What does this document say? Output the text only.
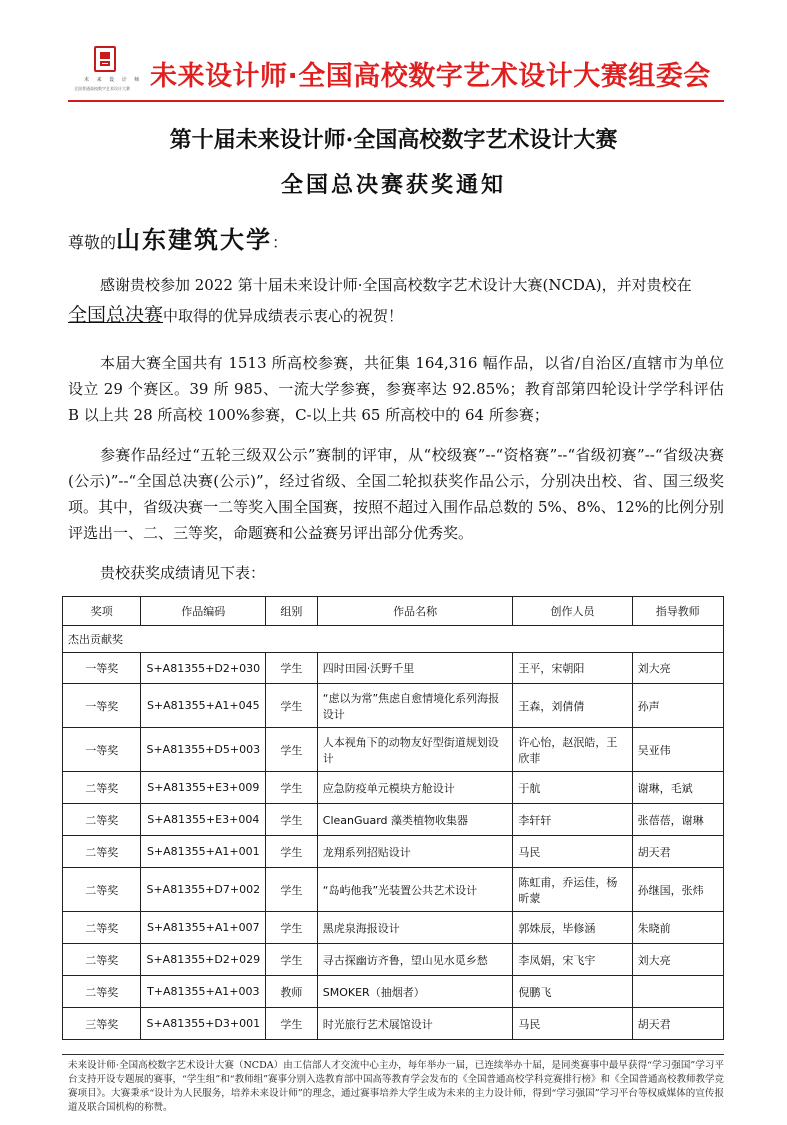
未 来 设 计 师
全国普通高校数字艺术设计大赛 未来设计师·全国高校数字艺术设计大赛组委会
第十届未来设计师·全国高校数字艺术设计大赛
全国总决赛获奖通知
尊敬的山东建筑大学：
感谢贵校参加 2022 第十届未来设计师·全国高校数字艺术设计大赛(NCDA)，并对贵校在
全国总决赛中取得的优异成绩表示衷心的祝贺！
本届大赛全国共有 1513 所高校参赛，共征集 164,316 幅作品，以省/自治区/直辖市为单位设立 29 个赛区。39 所 985、一流大学参赛，参赛率达 92.85%；教育部第四轮设计学学科评估 B 以上共 28 所高校 100%参赛，C-以上共 65 所高校中的 64 所参赛；
参赛作品经过“五轮三级双公示”赛制的评审，从“校级赛”--“资格赛”--“省级初赛”--“省级决赛(公示)”--“全国总决赛(公示)”，经过省级、全国二轮拟获奖作品公示，分别决出校、省、国三级奖项。其中，省级决赛一二等奖入围全国赛，按照不超过入围作品总数的 5%、8%、12%的比例分别评选出一、二、三等奖，命题赛和公益赛另评出部分优秀奖。
贵校获奖成绩请见下表：
奖项	作品编码	组别	作品名称	创作人员	指导教师
杰出贡献奖					
一等奖	S+A81355+D2+030	学生	四时田园·沃野千里	王平，宋朝阳	刘大亮
一等奖	S+A81355+A1+045	学生	“虑以为常”焦虑自愈情境化系列海报设计	王森，刘倩倩	孙声
一等奖	S+A81355+D5+003	学生	人本视角下的动物友好型街道规划设计	许心怡，赵泯皓，王欣菲	吴亚伟
二等奖	S+A81355+E3+009	学生	应急防疫单元模块方舱设计	于航	谢琳，毛斌
二等奖	S+A81355+E3+004	学生	CleanGuard 藻类植物收集器	李轩轩	张蓓蓓，谢琳
二等奖	S+A81355+A1+001	学生	龙翔系列招贴设计	马民	胡天君
二等奖	S+A81355+D7+002	学生	“岛屿他我”光装置公共艺术设计	陈虹甫，乔运佳，杨昕蒙	孙继国，张炜
二等奖	S+A81355+A1+007	学生	黑虎泉海报设计	郭姝辰，毕修涵	朱晓前
二等奖	S+A81355+D2+029	学生	寻古探幽访齐鲁，望山见水觅乡愁	李凤娟，宋飞宇	刘大亮
二等奖	T+A81355+A1+003	教师	SMOKER（抽烟者）	倪鹏飞	
三等奖	S+A81355+D3+001	学生	时光旅行艺术展馆设计	马民	胡天君
未来设计师·全国高校数字艺术设计大赛（NCDA）由工信部人才交流中心主办，每年举办一届，已连续举办十届，是同类赛事中最早获得“学习强国”学习平台支持开设专题展的赛事，“学生组”和“教师组”赛事分别入选教育部中国高等教育学会发布的《全国普通高校学科竞赛排行榜》和《全国普通高校教师教学竞赛项目》。大赛秉承“设计为人民服务，培养未来设计师”的理念，通过赛事培养大学生成为未来的主力设计师，得到“学习强国”学习平台等权威媒体的宣传报道及联合国机构的称赞。
